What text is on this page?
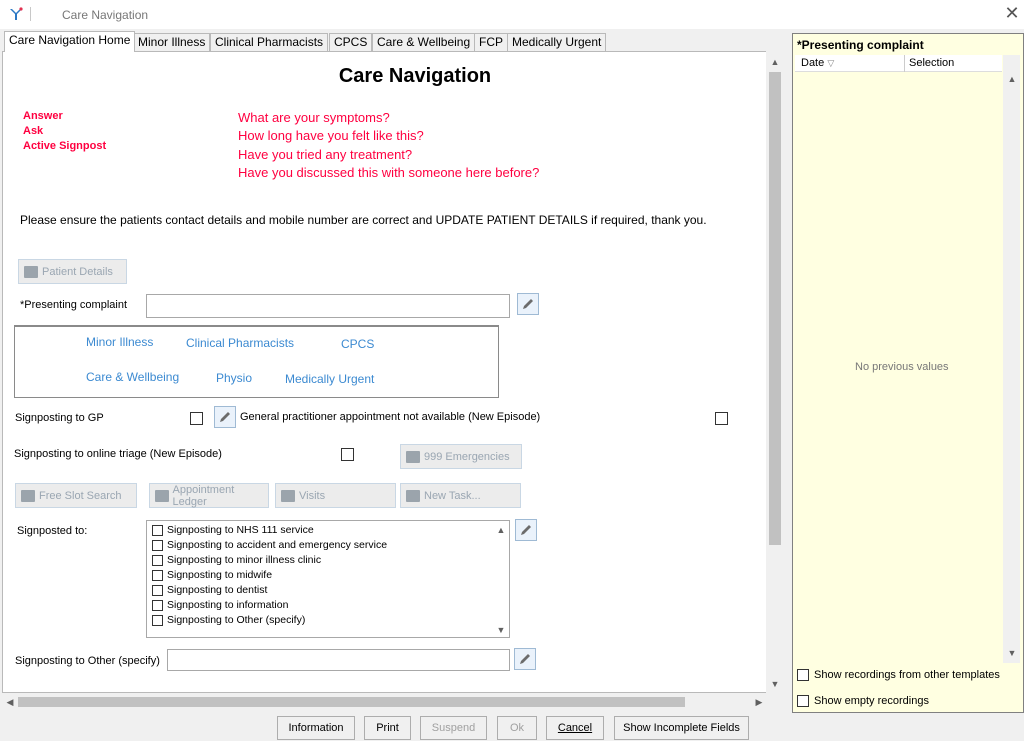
Care Navigation	✕
Care Navigation Home Minor Illness Clinical Pharmacists CPCS Care & Wellbeing FCP Medically Urgent
▲
▼
◀	▶
Care Navigation
Answer
Ask
Active Signpost
What are your symptoms?
How long have you felt like this?
Have you tried any treatment?
Have you discussed this with someone here before?
Please ensure the patients contact details and mobile number are correct and UPDATE PATIENT DETAILS if required, thank you.
Patient Details
*Presenting complaint
Minor Illness	Clinical Pharmacists	CPCS
Care & Wellbeing	Physio	Medically Urgent
Signposting to GP	General practitioner appointment not available (New Episode)
Signposting to online triage (New Episode)	999 Emergencies
Free Slot Search	Appointment Ledger	Visits	New Task...
Signposted to:	Signposting to NHS 111 service
Signposting to accident and emergency service
Signposting to minor illness clinic
Signposting to midwife
Signposting to dentist
Signposting to information
Signposting to Other (specify)
▲
▼
Signposting to Other (specify)
*Presenting complaint
Date ▽	Selection
▲
▼
No previous values
Show recordings from other templates
Show empty recordings
Information	Print	Suspend	Ok	Cancel	Show Incomplete Fields
